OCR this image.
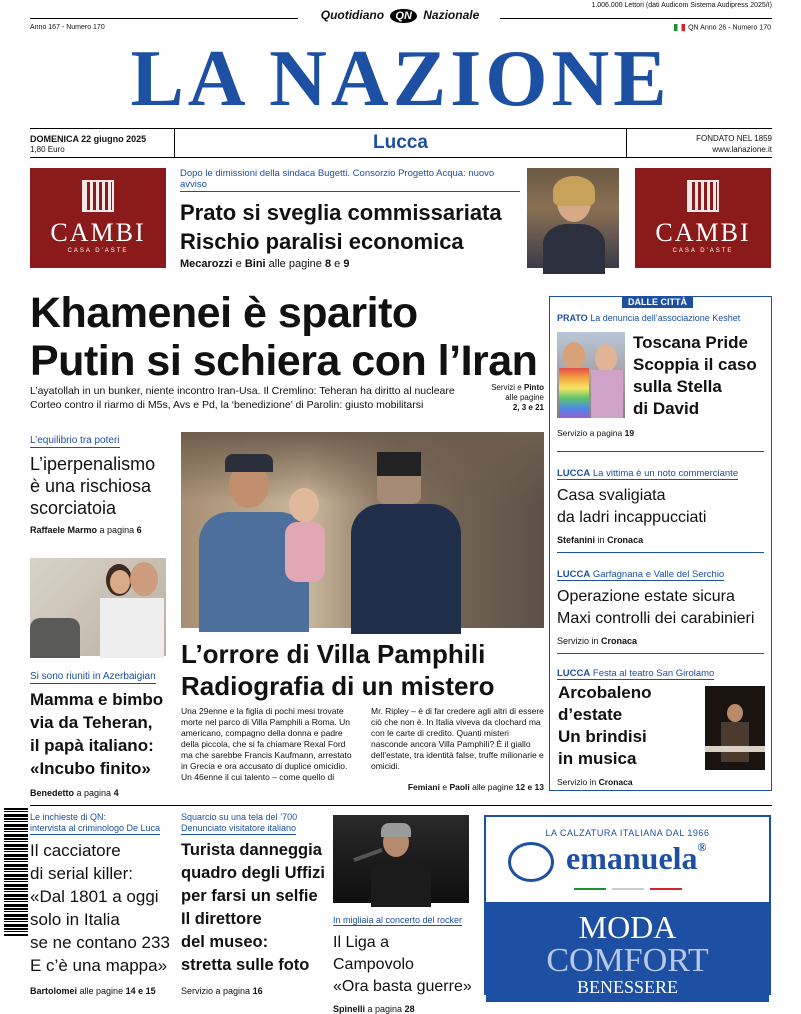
1.006.000 Lettori (dati Audicom Sistema Audipress 2025/I)
Anno 167 - Numero 170
Quotidiano QN Nazionale
QN Anno 26 - Numero 170
LA NAZIONE
DOMENICA 22 giugno 2025
1,80 Euro	Lucca	FONDATO NEL 1859
www.lanazione.it
CAMBI
CASA D'ASTE
CAMBI
CASA D'ASTE
Dopo le dimissioni della sindaca Bugetti. Consorzio Progetto Acqua: nuovo avviso
Prato si sveglia commissariata
Rischio paralisi economica
Mecarozzi e Bini alle pagine 8 e 9
Khamenei è sparito
Putin si schiera con l’Iran
L’ayatollah in un bunker, niente incontro Iran-Usa. Il Cremlino: Teheran ha diritto al nucleare
Corteo contro il riarmo di M5s, Avs e Pd, la ‘benedizione’ di Parolin: giusto mobilitarsi
Servizi e Pinto
alle pagine
2, 3 e 21
L’equilibrio tra poteri
L’iperpenalismo è una rischiosa scorciatoia
Raffaele Marmo a pagina 6
Si sono riuniti in Azerbaigian
Mamma e bimbo
via da Teheran,
il papà italiano:
«Incubo finito»
Benedetto a pagina 4
L’orrore di Villa Pamphili
Radiografia di un mistero
Una 29enne e la figlia di pochi mesi trovate morte nel parco di Villa Pamphili a Roma. Un americano, compagno della donna e padre della piccola, che si fa chiamare Rexal Ford ma che sarebbe Francis Kaufmann, arrestato in Grecia e ora accusato di duplice omicidio. Un 46enne il cui talento – come quello di
Mr. Ripley – è di far credere agli altri di essere ciò che non è. In Italia viveva da clochard ma con le carte di credito. Quanti misteri nasconde ancora Villa Pamphili? È il giallo dell’estate, tra identità false, truffe milionarie e omicidi.
Femiani e Paoli alle pagine 12 e 13
DALLE CITTÀ
PRATO La denuncia dell’associazione Keshet
Toscana Pride
Scoppia il caso
sulla Stella
di David
Servizio a pagina 19
LUCCA La vittima è un noto commerciante
Casa svaligiata
da ladri incappucciati
Stefanini in Cronaca
LUCCA Garfagnana e Valle del Serchio
Operazione estate sicura
Maxi controlli dei carabinieri
Servizio in Cronaca
LUCCA Festa al teatro San Girolamo
Arcobaleno
d’estate
Un brindisi
in musica
Servizio in Cronaca
Le inchieste di QN:
intervista al criminologo De Luca
Il cacciatore
di serial killer:
«Dal 1801 a oggi
solo in Italia
se ne contano 233
E c’è una mappa»
Bartolomei alle pagine 14 e 15
Squarcio su una tela del ’700
Denunciato visitatore italiano
Turista danneggia
quadro degli Uffizi
per farsi un selfie
Il direttore
del museo:
stretta sulle foto
Servizio a pagina 16
In migliaia al concerto del rocker
Il Liga a Campovolo
«Ora basta guerre»
Spinelli a pagina 28
LA CALZATURA ITALIANA DAL 1966
emanuela®
MODA
COMFORT
BENESSERE
